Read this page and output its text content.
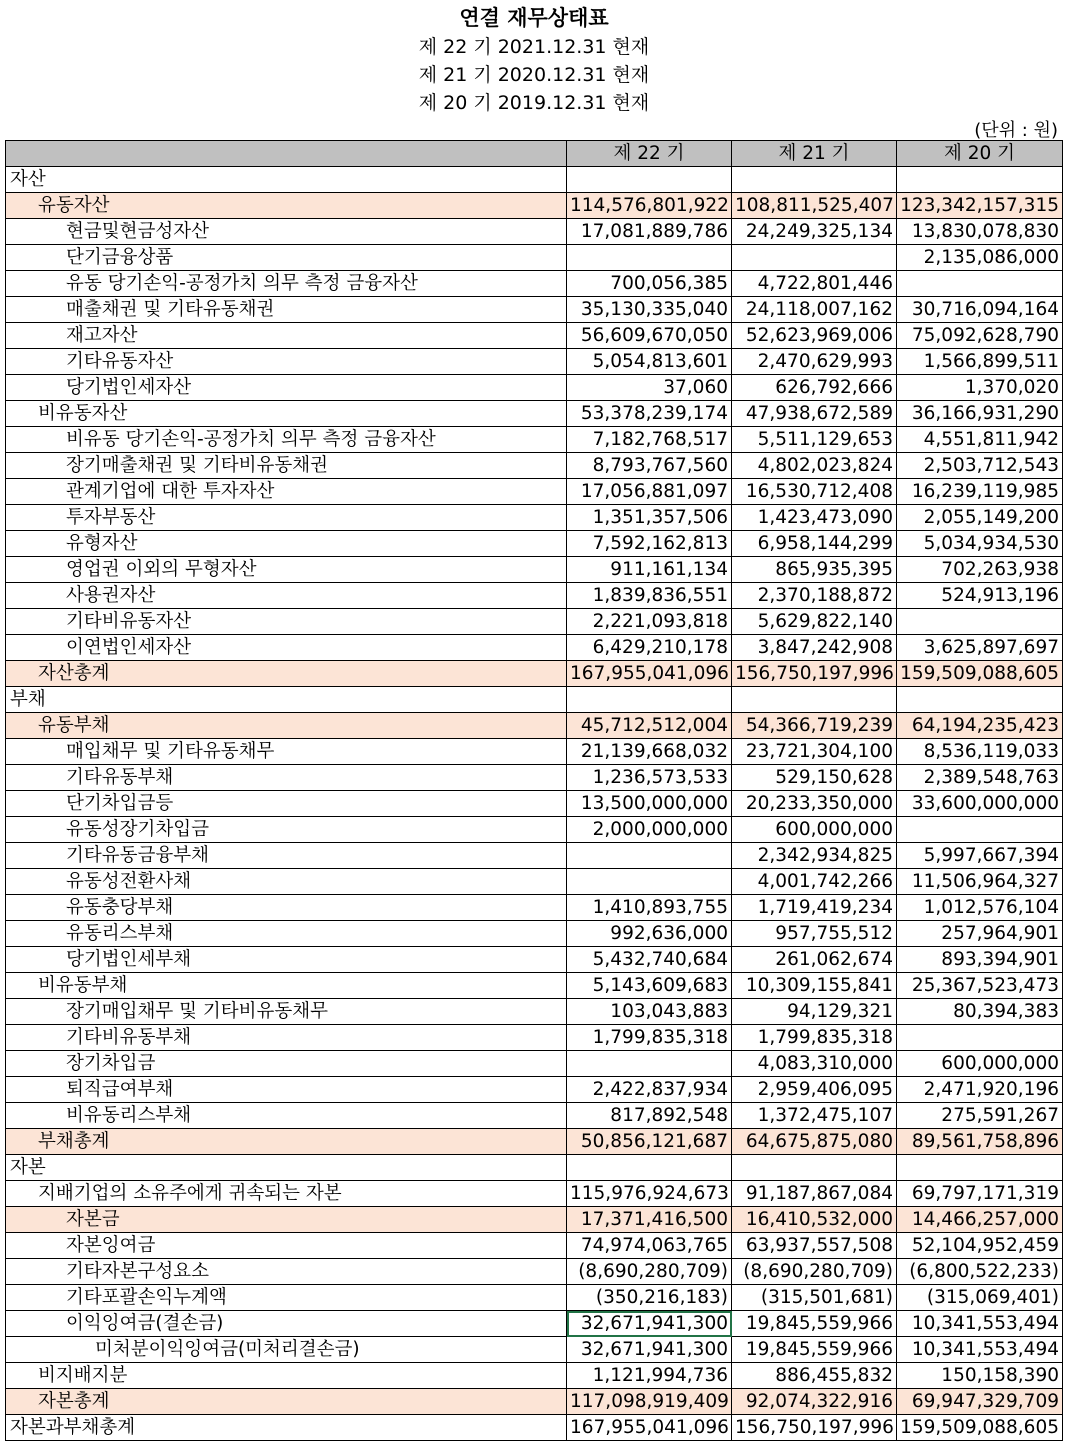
연결 재무상태표
제 22 기 2021.12.31 현재
제 21 기 2020.12.31 현재
제 20 기 2019.12.31 현재
(단위 : 원)
	제 22 기	제 21 기	제 20 기
자산			
유동자산	114,576,801,922	108,811,525,407	123,342,157,315
현금및현금성자산	17,081,889,786	24,249,325,134	13,830,078,830
단기금융상품			2,135,086,000
유동 당기손익-공정가치 의무 측정 금융자산	700,056,385	4,722,801,446	
매출채권 및 기타유동채권	35,130,335,040	24,118,007,162	30,716,094,164
재고자산	56,609,670,050	52,623,969,006	75,092,628,790
기타유동자산	5,054,813,601	2,470,629,993	1,566,899,511
당기법인세자산	37,060	626,792,666	1,370,020
비유동자산	53,378,239,174	47,938,672,589	36,166,931,290
비유동 당기손익-공정가치 의무 측정 금융자산	7,182,768,517	5,511,129,653	4,551,811,942
장기매출채권 및 기타비유동채권	8,793,767,560	4,802,023,824	2,503,712,543
관계기업에 대한 투자자산	17,056,881,097	16,530,712,408	16,239,119,985
투자부동산	1,351,357,506	1,423,473,090	2,055,149,200
유형자산	7,592,162,813	6,958,144,299	5,034,934,530
영업권 이외의 무형자산	911,161,134	865,935,395	702,263,938
사용권자산	1,839,836,551	2,370,188,872	524,913,196
기타비유동자산	2,221,093,818	5,629,822,140	
이연법인세자산	6,429,210,178	3,847,242,908	3,625,897,697
자산총계	167,955,041,096	156,750,197,996	159,509,088,605
부채			
유동부채	45,712,512,004	54,366,719,239	64,194,235,423
매입채무 및 기타유동채무	21,139,668,032	23,721,304,100	8,536,119,033
기타유동부채	1,236,573,533	529,150,628	2,389,548,763
단기차입금등	13,500,000,000	20,233,350,000	33,600,000,000
유동성장기차입금	2,000,000,000	600,000,000	
기타유동금융부채		2,342,934,825	5,997,667,394
유동성전환사채		4,001,742,266	11,506,964,327
유동충당부채	1,410,893,755	1,719,419,234	1,012,576,104
유동리스부채	992,636,000	957,755,512	257,964,901
당기법인세부채	5,432,740,684	261,062,674	893,394,901
비유동부채	5,143,609,683	10,309,155,841	25,367,523,473
장기매입채무 및 기타비유동채무	103,043,883	94,129,321	80,394,383
기타비유동부채	1,799,835,318	1,799,835,318	
장기차입금		4,083,310,000	600,000,000
퇴직급여부채	2,422,837,934	2,959,406,095	2,471,920,196
비유동리스부채	817,892,548	1,372,475,107	275,591,267
부채총계	50,856,121,687	64,675,875,080	89,561,758,896
자본			
지배기업의 소유주에게 귀속되는 자본	115,976,924,673	91,187,867,084	69,797,171,319
자본금	17,371,416,500	16,410,532,000	14,466,257,000
자본잉여금	74,974,063,765	63,937,557,508	52,104,952,459
기타자본구성요소	(8,690,280,709)	(8,690,280,709)	(6,800,522,233)
기타포괄손익누계액	(350,216,183)	(315,501,681)	(315,069,401)
이익잉여금(결손금)	32,671,941,300	19,845,559,966	10,341,553,494
미처분이익잉여금(미처리결손금)	32,671,941,300	19,845,559,966	10,341,553,494
비지배지분	1,121,994,736	886,455,832	150,158,390
자본총계	117,098,919,409	92,074,322,916	69,947,329,709
자본과부채총계	167,955,041,096	156,750,197,996	159,509,088,605
